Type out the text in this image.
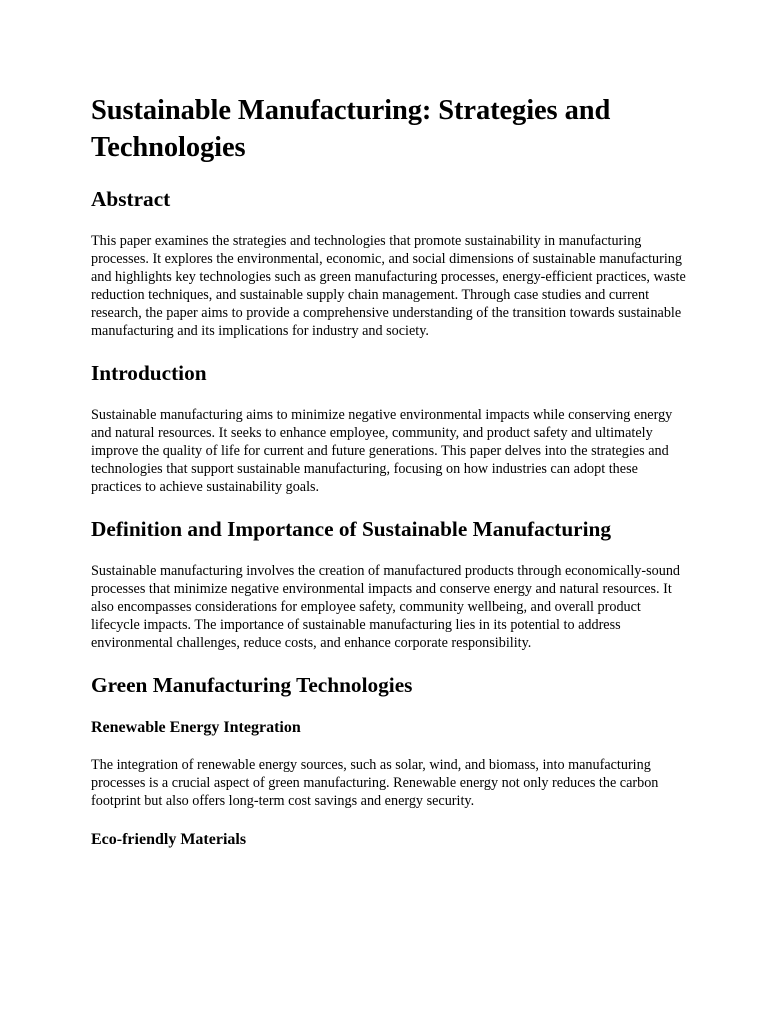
Sustainable Manufacturing: Strategies and Technologies
Abstract

This paper examines the strategies and technologies that promote sustainability in manufacturing processes. It explores the environmental, economic, and social dimensions of sustainable manufacturing and highlights key technologies such as green manufacturing processes, energy-efficient practices, waste reduction techniques, and sustainable supply chain management. Through case studies and current research, the paper aims to provide a comprehensive understanding of the transition towards sustainable manufacturing and its implications for industry and society.

Introduction

Sustainable manufacturing aims to minimize negative environmental impacts while conserving energy and natural resources. It seeks to enhance employee, community, and product safety and ultimately improve the quality of life for current and future generations. This paper delves into the strategies and technologies that support sustainable manufacturing, focusing on how industries can adopt these practices to achieve sustainability goals.

Definition and Importance of Sustainable Manufacturing

Sustainable manufacturing involves the creation of manufactured products through economically-sound processes that minimize negative environmental impacts and conserve energy and natural resources. It also encompasses considerations for employee safety, community wellbeing, and overall product lifecycle impacts. The importance of sustainable manufacturing lies in its potential to address environmental challenges, reduce costs, and enhance corporate responsibility.

Green Manufacturing Technologies
Renewable Energy Integration

The integration of renewable energy sources, such as solar, wind, and biomass, into manufacturing processes is a crucial aspect of green manufacturing. Renewable energy not only reduces the carbon footprint but also offers long-term cost savings and energy security.

Eco-friendly Materials
